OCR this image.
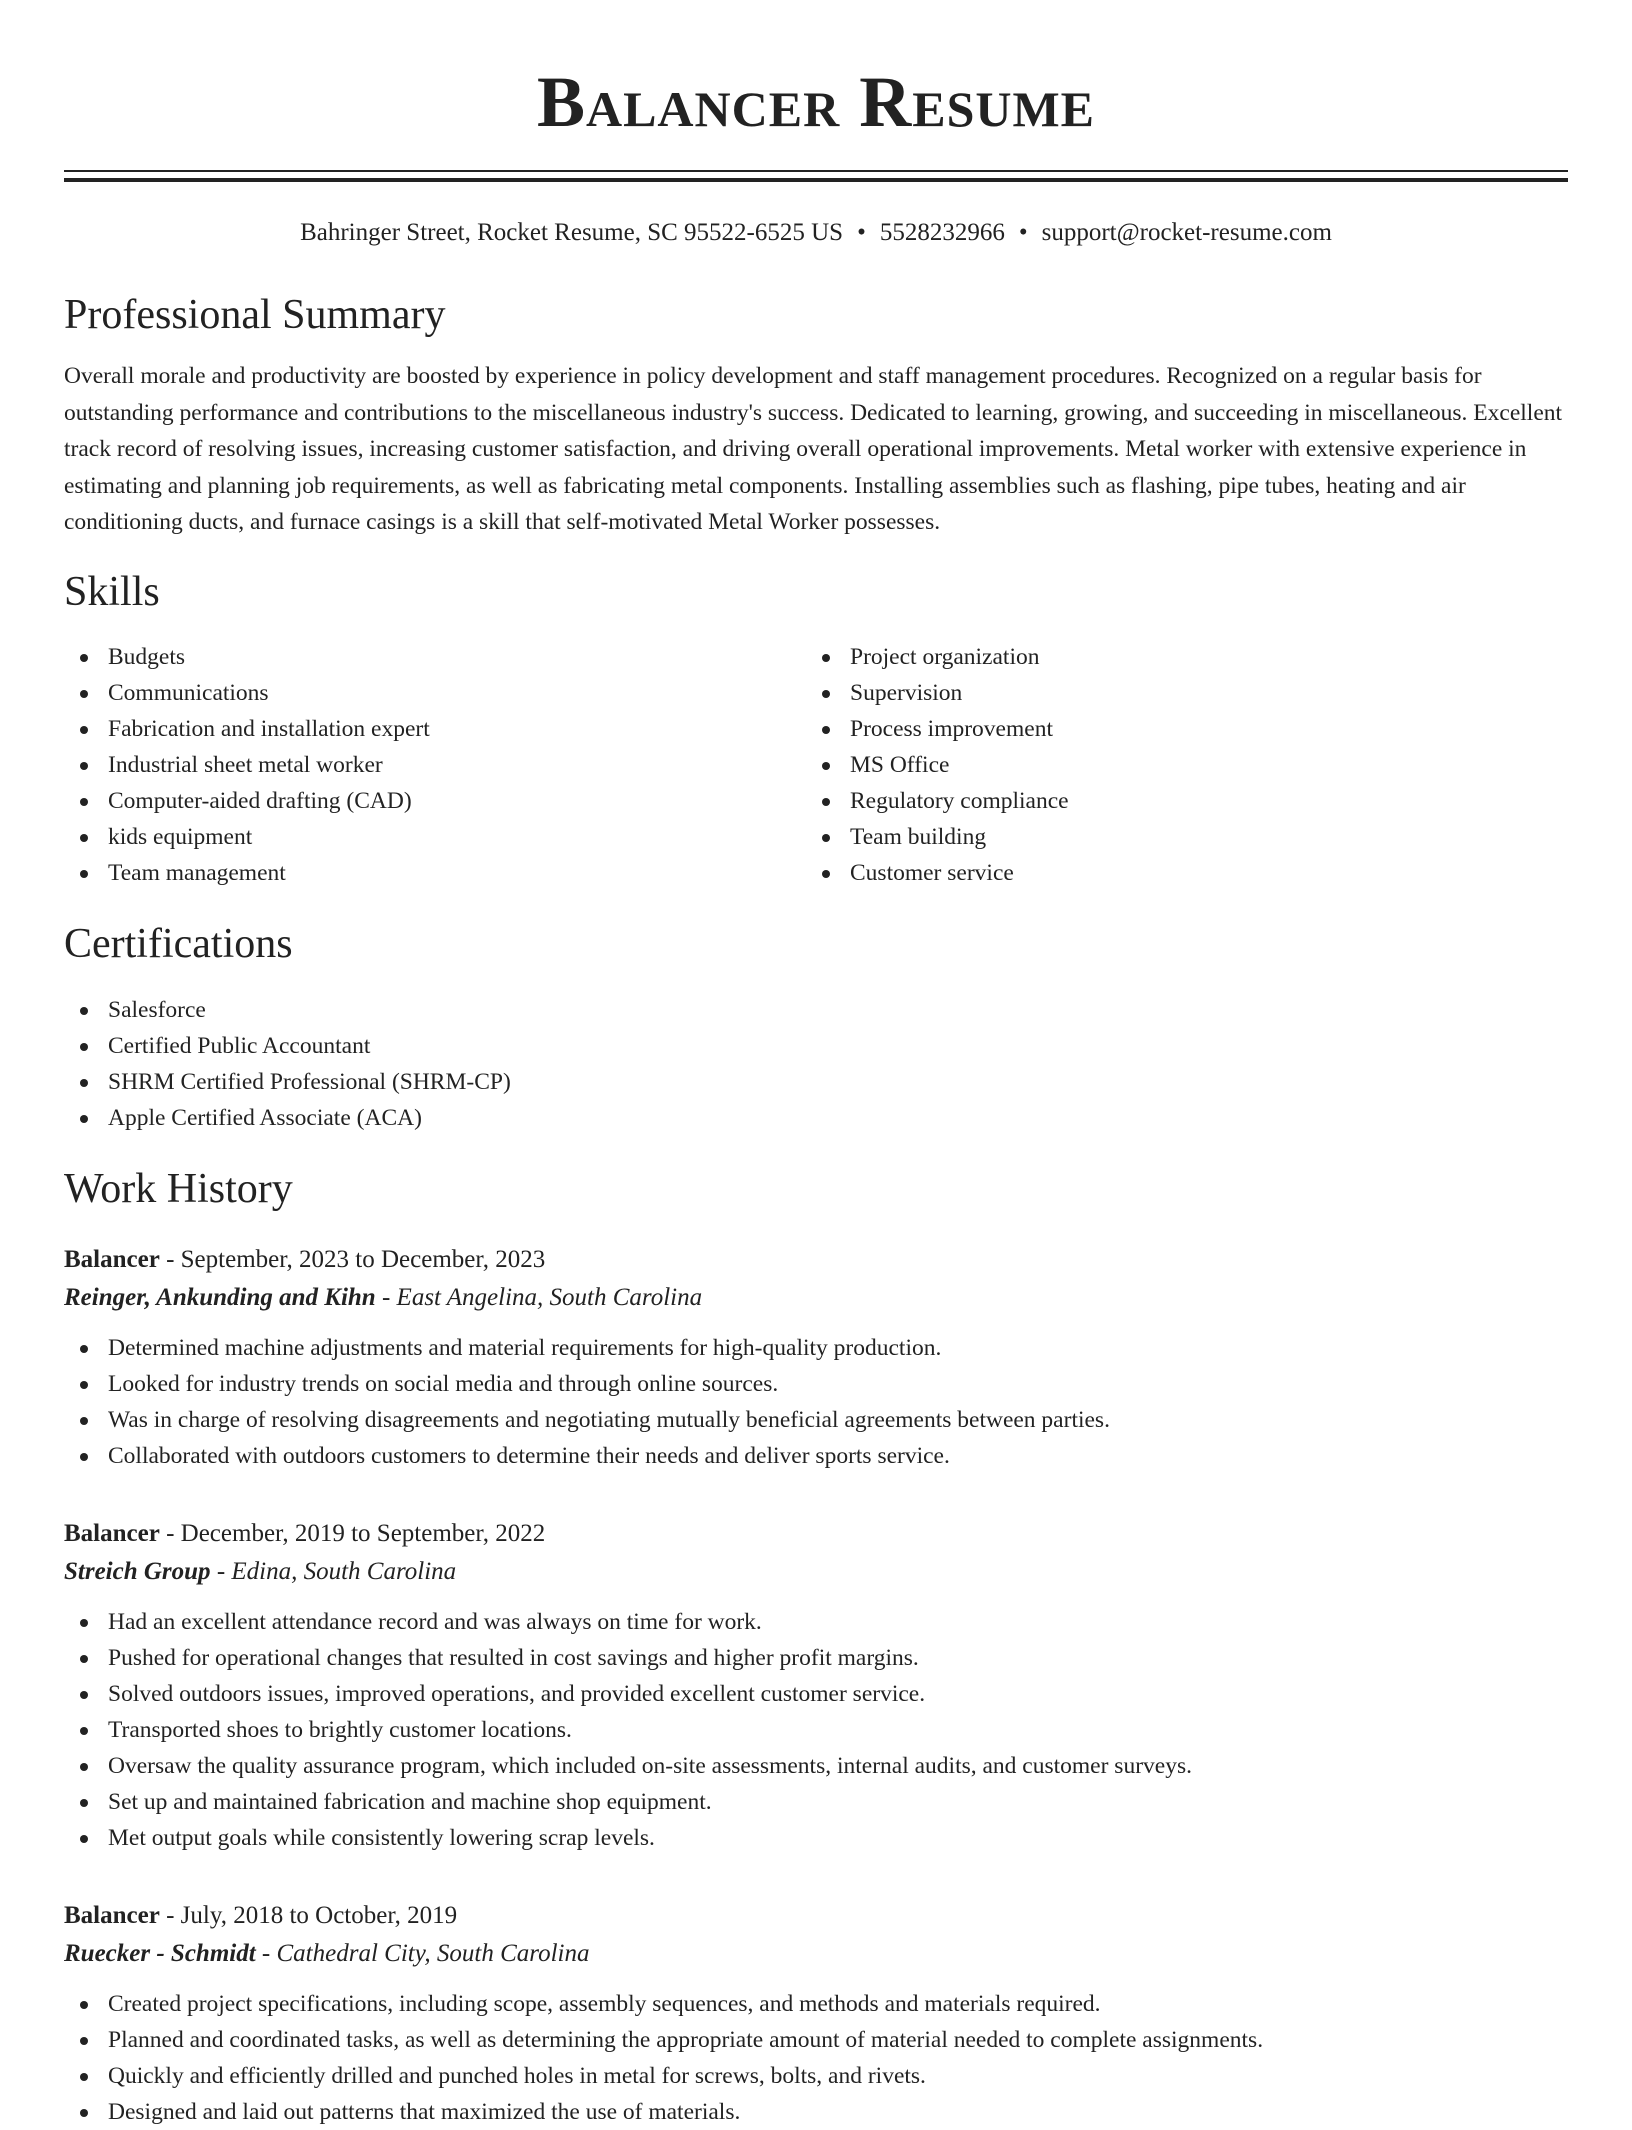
Balancer Resume
Bahringer Street, Rocket Resume, SC 95522-6525 US • 5528232966 • support@rocket-resume.com
Professional Summary

Overall morale and productivity are boosted by experience in policy development and staff management procedures. Recognized on a regular basis for outstanding performance and contributions to the miscellaneous industry's success. Dedicated to learning, growing, and succeeding in miscellaneous. Excellent track record of resolving issues, increasing customer satisfaction, and driving overall operational improvements. Metal worker with extensive experience in estimating and planning job requirements, as well as fabricating metal components. Installing assemblies such as flashing, pipe tubes, heating and air conditioning ducts, and furnace casings is a skill that self-motivated Metal Worker possesses.

Skills
Budgets
Communications
Fabrication and installation expert
Industrial sheet metal worker
Computer-aided drafting (CAD)
kids equipment
Team management
Project organization
Supervision
Process improvement
MS Office
Regulatory compliance
Team building
Customer service
Certifications
Salesforce
Certified Public Accountant
SHRM Certified Professional (SHRM-CP)
Apple Certified Associate (ACA)
Work History
Balancer - September, 2023 to December, 2023
Reinger, Ankunding and Kihn - East Angelina, South Carolina
Determined machine adjustments and material requirements for high-quality production.
Looked for industry trends on social media and through online sources.
Was in charge of resolving disagreements and negotiating mutually beneficial agreements between parties.
Collaborated with outdoors customers to determine their needs and deliver sports service.
Balancer - December, 2019 to September, 2022
Streich Group - Edina, South Carolina
Had an excellent attendance record and was always on time for work.
Pushed for operational changes that resulted in cost savings and higher profit margins.
Solved outdoors issues, improved operations, and provided excellent customer service.
Transported shoes to brightly customer locations.
Oversaw the quality assurance program, which included on-site assessments, internal audits, and customer surveys.
Set up and maintained fabrication and machine shop equipment.
Met output goals while consistently lowering scrap levels.
Balancer - July, 2018 to October, 2019
Ruecker - Schmidt - Cathedral City, South Carolina
Created project specifications, including scope, assembly sequences, and methods and materials required.
Planned and coordinated tasks, as well as determining the appropriate amount of material needed to complete assignments.
Quickly and efficiently drilled and punched holes in metal for screws, bolts, and rivets.
Designed and laid out patterns that maximized the use of materials.
